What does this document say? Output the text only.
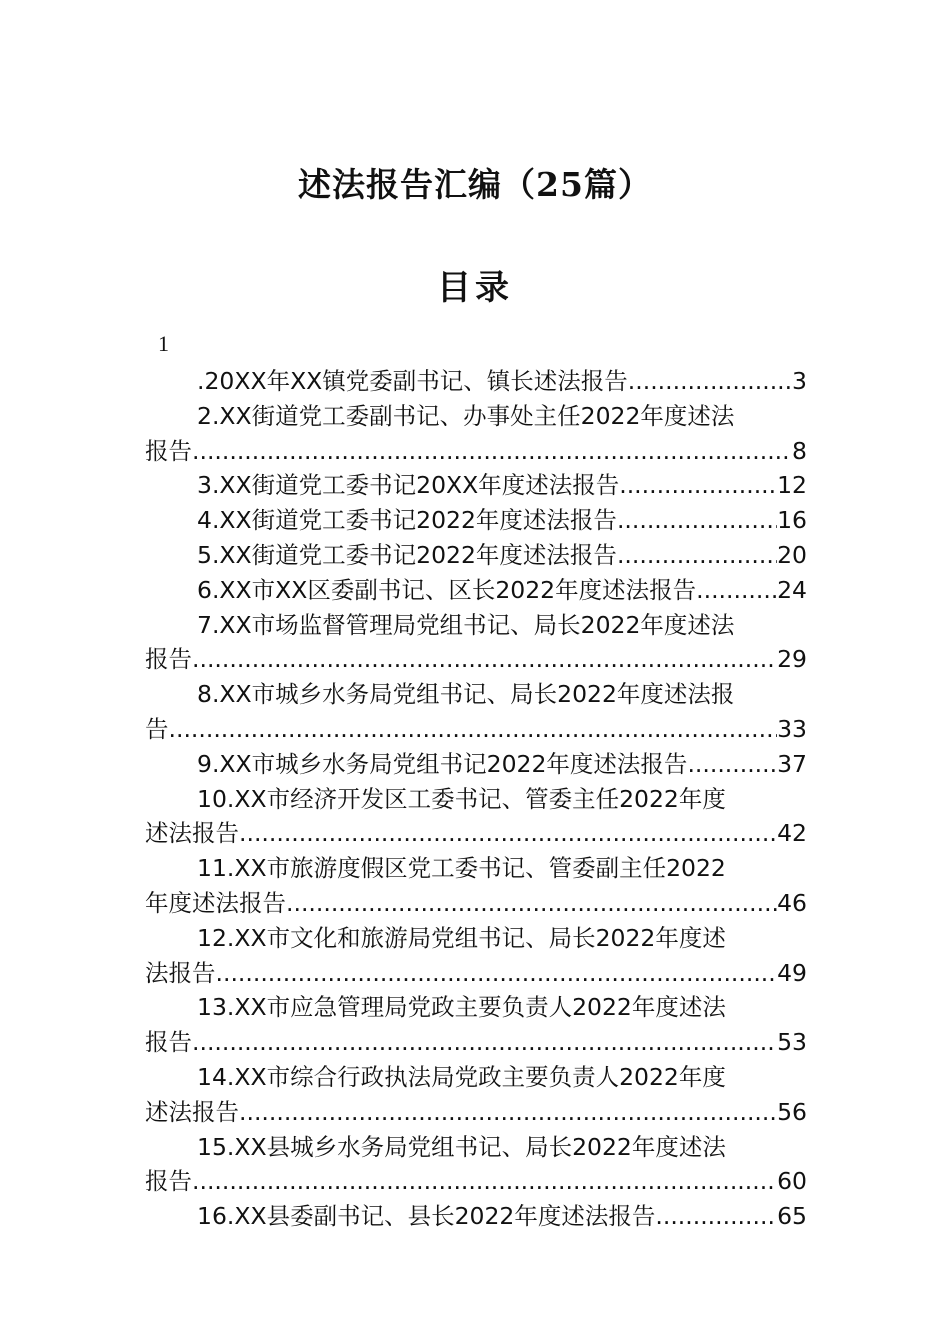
述法报告汇编（25篇）
目录
1
.20XX年XX镇党委副书记、镇长述法报告 .....	3
2.XX街道党工委副书记、办事处主任2022年度述法
报告 .....	8
3.XX街道党工委书记20XX年度述法报告 .....	12
4.XX街道党工委书记2022年度述法报告 .....	16
5.XX街道党工委书记2022年度述法报告 .....	20
6.XX市XX区委副书记、区长2022年度述法报告 .....	24
7.XX市场监督管理局党组书记、局长2022年度述法
报告 .....	29
8.XX市城乡水务局党组书记、局长2022年度述法报
告 .....	33
9.XX市城乡水务局党组书记2022年度述法报告 .....	37
10.XX市经济开发区工委书记、管委主任2022年度
述法报告 .....	42
11.XX市旅游度假区党工委书记、管委副主任2022
年度述法报告 .....	46
12.XX市文化和旅游局党组书记、局长2022年度述
法报告 .....	49
13.XX市应急管理局党政主要负责人2022年度述法
报告 .....	53
14.XX市综合行政执法局党政主要负责人2022年度
述法报告 .....	56
15.XX县城乡水务局党组书记、局长2022年度述法
报告 .....	60
16.XX县委副书记、县长2022年度述法报告 .....	65
